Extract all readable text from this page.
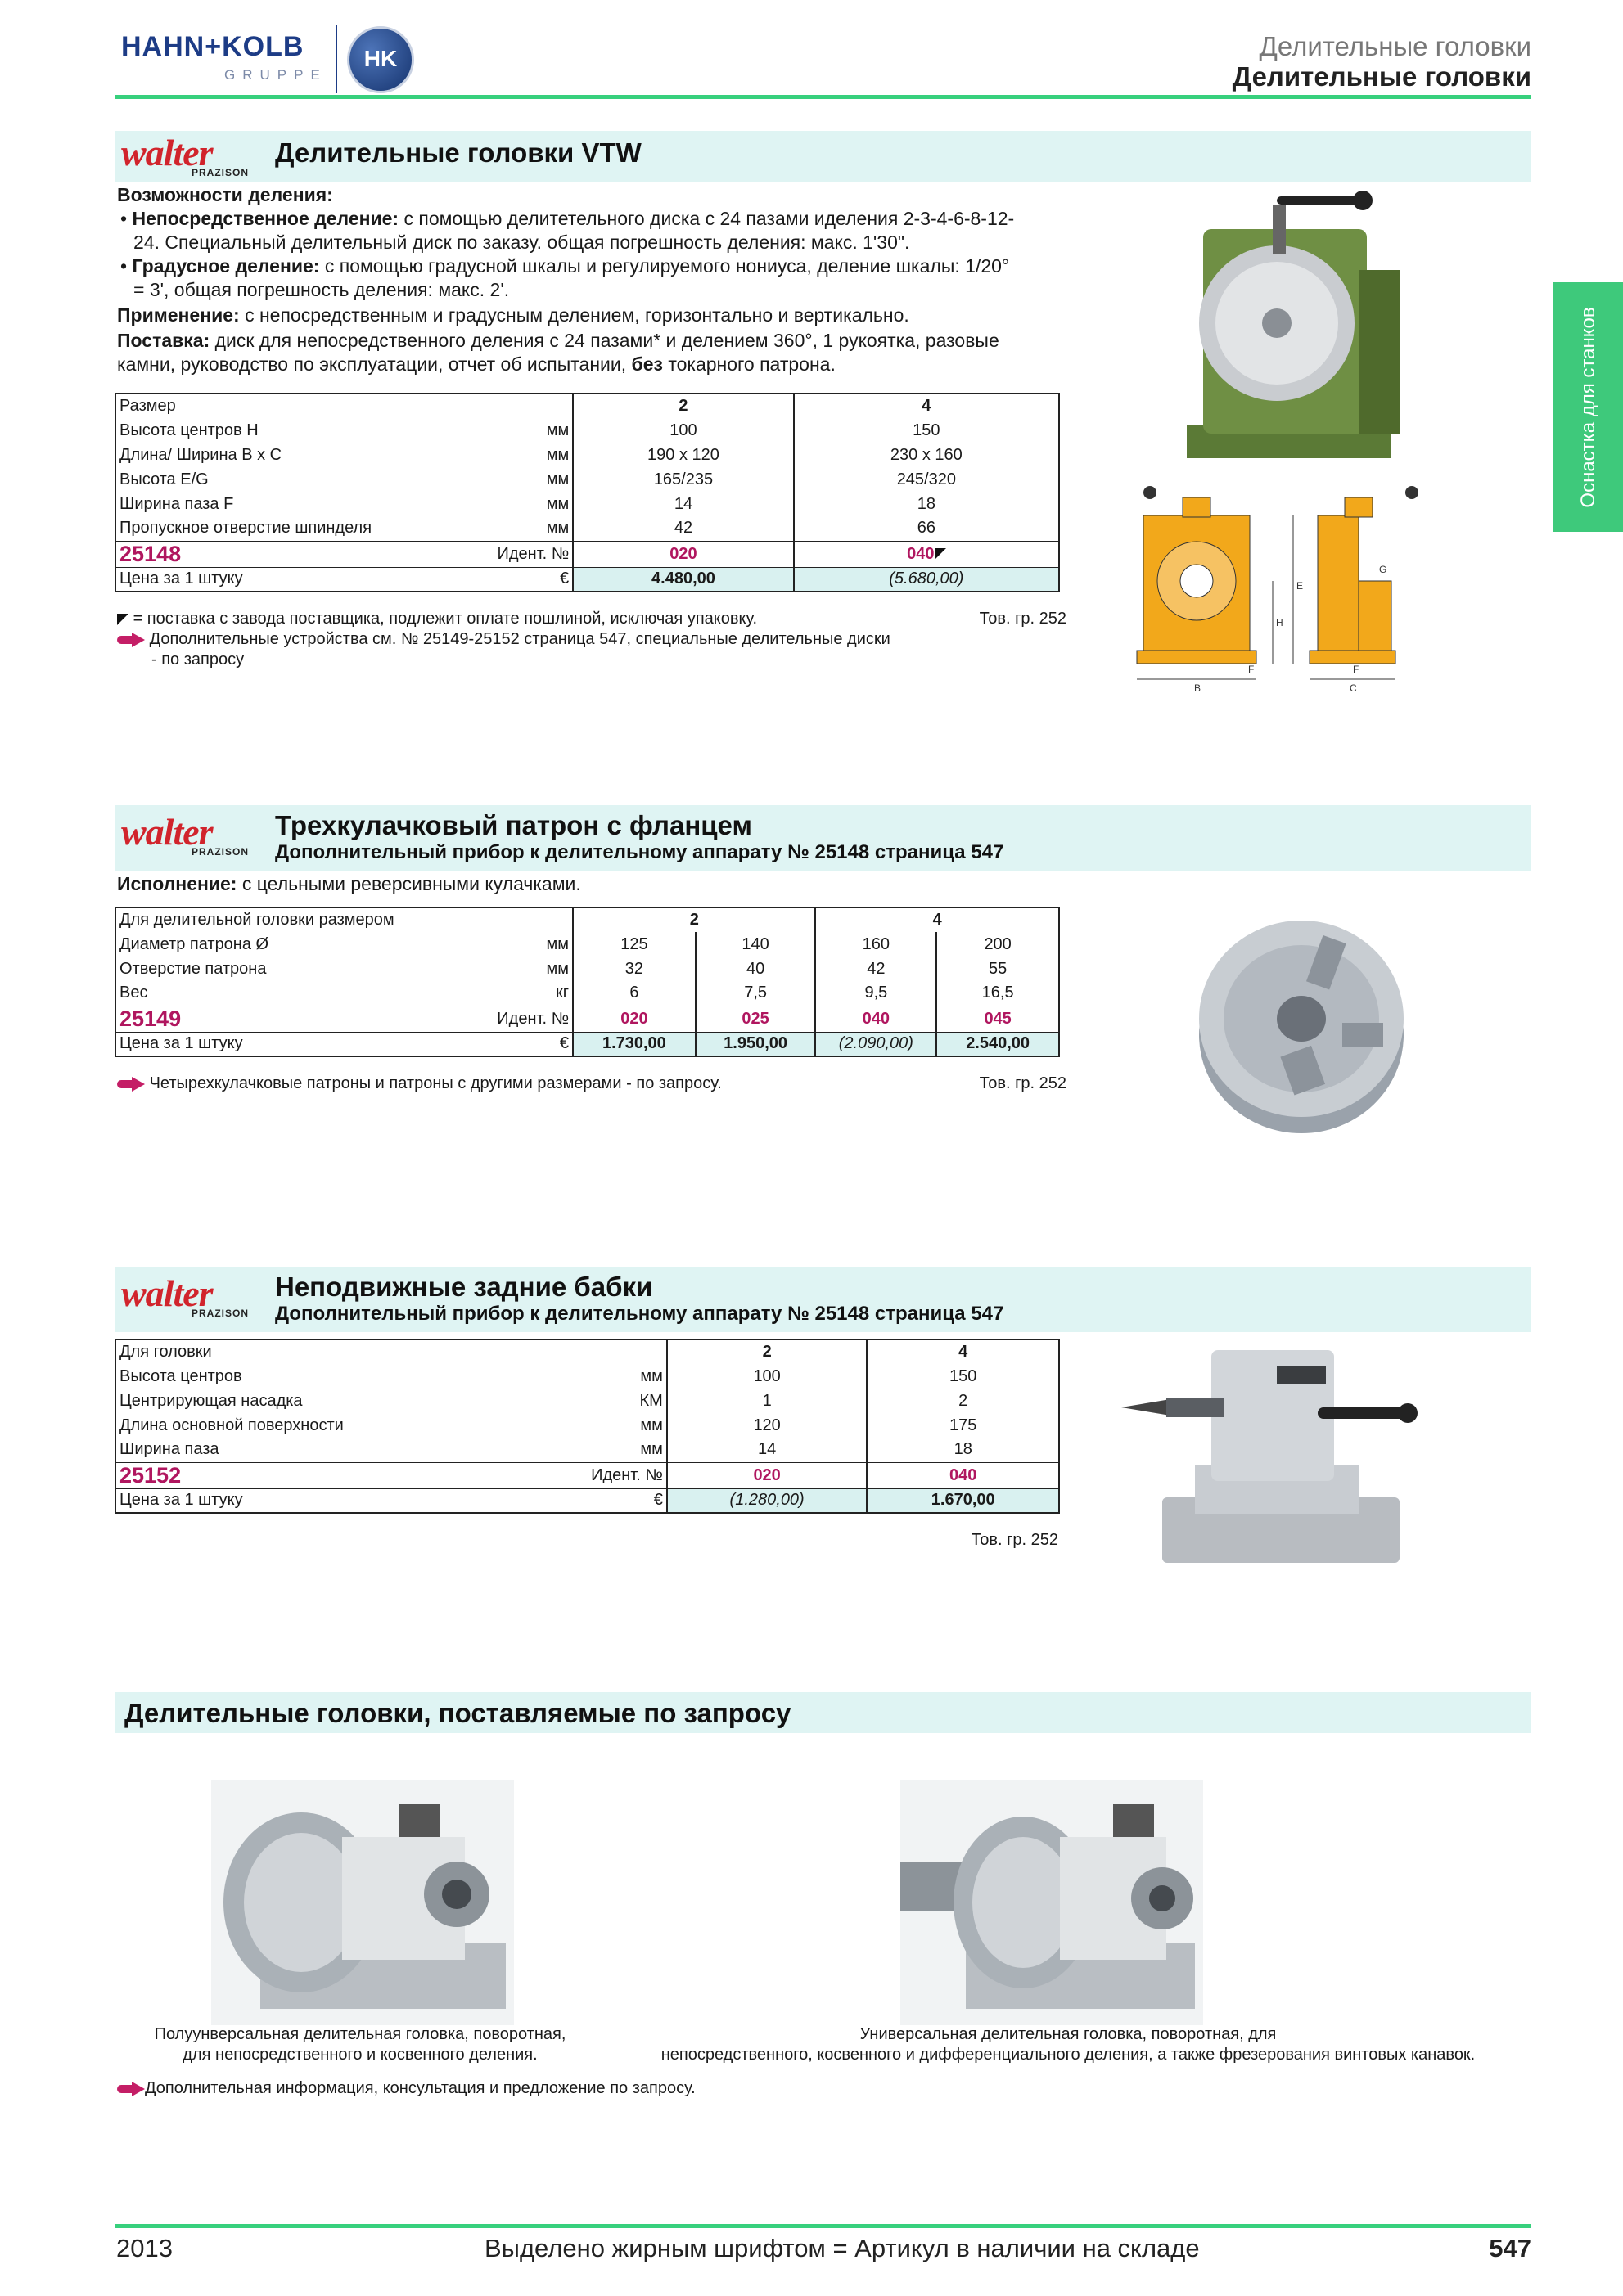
HAHN+KOLB
GRUPPE
HK	Делительные головки
Делительные головки
Оснастка для станков
walter
PRAZISON
Делительные головки VTW
Возможности деления:
• Непосредственное деление: с помощью делитетельного диска с 24 пазами иделения 2-3-4-6-8-12-
24. Специальный делительный диск по заказу. общая погрешность деления: макс. 1'30".
• Градусное деление: с помощью градусной шкалы и регулируемого нониуса, деление шкалы: 1/20°
= 3', общая погрешность деления: макс. 2'.
Применение: с непосредственным и градусным делением, горизонтально и вертикально.
Поставка: диск для непосредственного деления с 24 пазами* и делением 360°, 1 рукоятка, разовые
камни, руководство по эксплуатации, отчет об испытании, без токарного патрона.
Размер	2	4
Высота центров H мм	100	150
Длина/ Ширина B x C мм	190 x 120	230 x 160
Высота E/G мм	165/235	245/320
Ширина паза F мм	14	18
Пропускное отверстие шпинделя мм	42	66
25148 Идент. №	020	040
Цена за 1 штуку €	4.480,00	(5.680,00)
= поставка с завода поставщика, подлежит оплате пошлиной, исключая упаковку.	Тов. гр. 252
Дополнительные устройства см. № 25149-25152 страница 547, специальные делительные диски
- по запросу
B	C
H
E
G
F	F
walter
PRAZISON
Трехкулачковый патрон с фланцем
Дополнительный прибор к делительному аппарату № 25148 страница 547
Исполнение: с цельными реверсивными кулачками.
Для делительной головки размером	2		4	
Диаметр патрона Ø мм	125	140	160	200
Отверстие патрона мм	32	40	42	55
Вес кг	6	7,5	9,5	16,5
25149 Идент. №	020	025	040	045
Цена за 1 штуку €	1.730,00	1.950,00	(2.090,00)	2.540,00
Четырехкулачковые патроны и патроны с другими размерами - по запросу.	Тов. гр. 252
walter
PRAZISON
Неподвижные задние бабки
Дополнительный прибор к делительному аппарату № 25148 страница 547
Для головки	2	4
Высота центров мм	100	150
Центрирующая насадка КМ	1	2
Длина основной поверхности мм	120	175
Ширина паза мм	14	18
25152 Идент. №	020	040
Цена за 1 штуку €	(1.280,00)	1.670,00
Тов. гр. 252
Делительные головки, поставляемые по запросу
Полуунверсальная делительная головка, поворотная,
для непосредственного и косвенного деления.
Универсальная делительная головка, поворотная, для
непосредственного, косвенного и дифференциального деления, а также фрезерования винтовых канавок.
Дополнительная информация, консультация и предложение по запросу.
2013	Выделено жирным шрифтом = Артикул в наличии на складе	547
